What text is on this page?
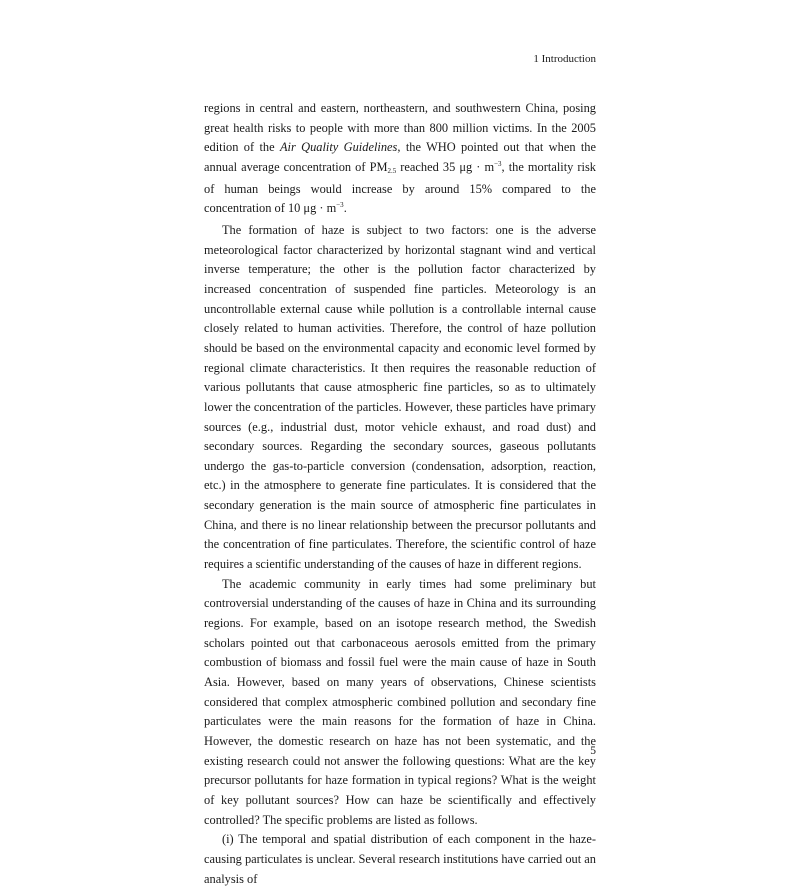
1 Introduction

regions in central and eastern, northeastern, and southwestern China, posing great health risks to people with more than 800 million victims. In the 2005 edition of the Air Quality Guidelines, the WHO pointed out that when the annual average concentration of $PM_{2.5}$ reached 35 $\mu g \cdot m^{-3}$, the mortality risk of human beings would increase by around 15% compared to the concentration of 10 $\mu g \cdot m^{-3}$.

The formation of haze is subject to two factors: one is the adverse meteorological factor characterized by horizontal stagnant wind and vertical inverse temperature; the other is the pollution factor characterized by increased concentration of suspended fine particles. Meteorology is an uncontrollable external cause while pollution is a controllable internal cause closely related to human activities. Therefore, the control of haze pollution should be based on the environmental capacity and economic level formed by regional climate characteristics. It then requires the reasonable reduction of various pollutants that cause atmospheric fine particles, so as to ultimately lower the concentration of the particles. However, these particles have primary sources (e.g., industrial dust, motor vehicle exhaust, and road dust) and secondary sources. Regarding the secondary sources, gaseous pollutants undergo the gas-to-particle conversion (condensation, adsorption, reaction, etc.) in the atmosphere to generate fine particulates. It is considered that the secondary generation is the main source of atmospheric fine particulates in China, and there is no linear relationship between the precursor pollutants and the concentration of fine particulates. Therefore, the scientific control of haze requires a scientific understanding of the causes of haze in different regions.

The academic community in early times had some preliminary but controversial understanding of the causes of haze in China and its surrounding regions. For example, based on an isotope research method, the Swedish scholars pointed out that carbonaceous aerosols emitted from the primary combustion of biomass and fossil fuel were the main cause of haze in South Asia. However, based on many years of observations, Chinese scientists considered that complex atmospheric combined pollution and secondary fine particulates were the main reasons for the formation of haze in China. However, the domestic research on haze has not been systematic, and the existing research could not answer the following questions: What are the key precursor pollutants for haze formation in typical regions? What is the weight of key pollutant sources? How can haze be scientifically and effectively controlled? The specific problems are listed as follows.

(i) The temporal and spatial distribution of each component in the haze-causing particulates is unclear. Several research institutions have carried out an analysis of

5
